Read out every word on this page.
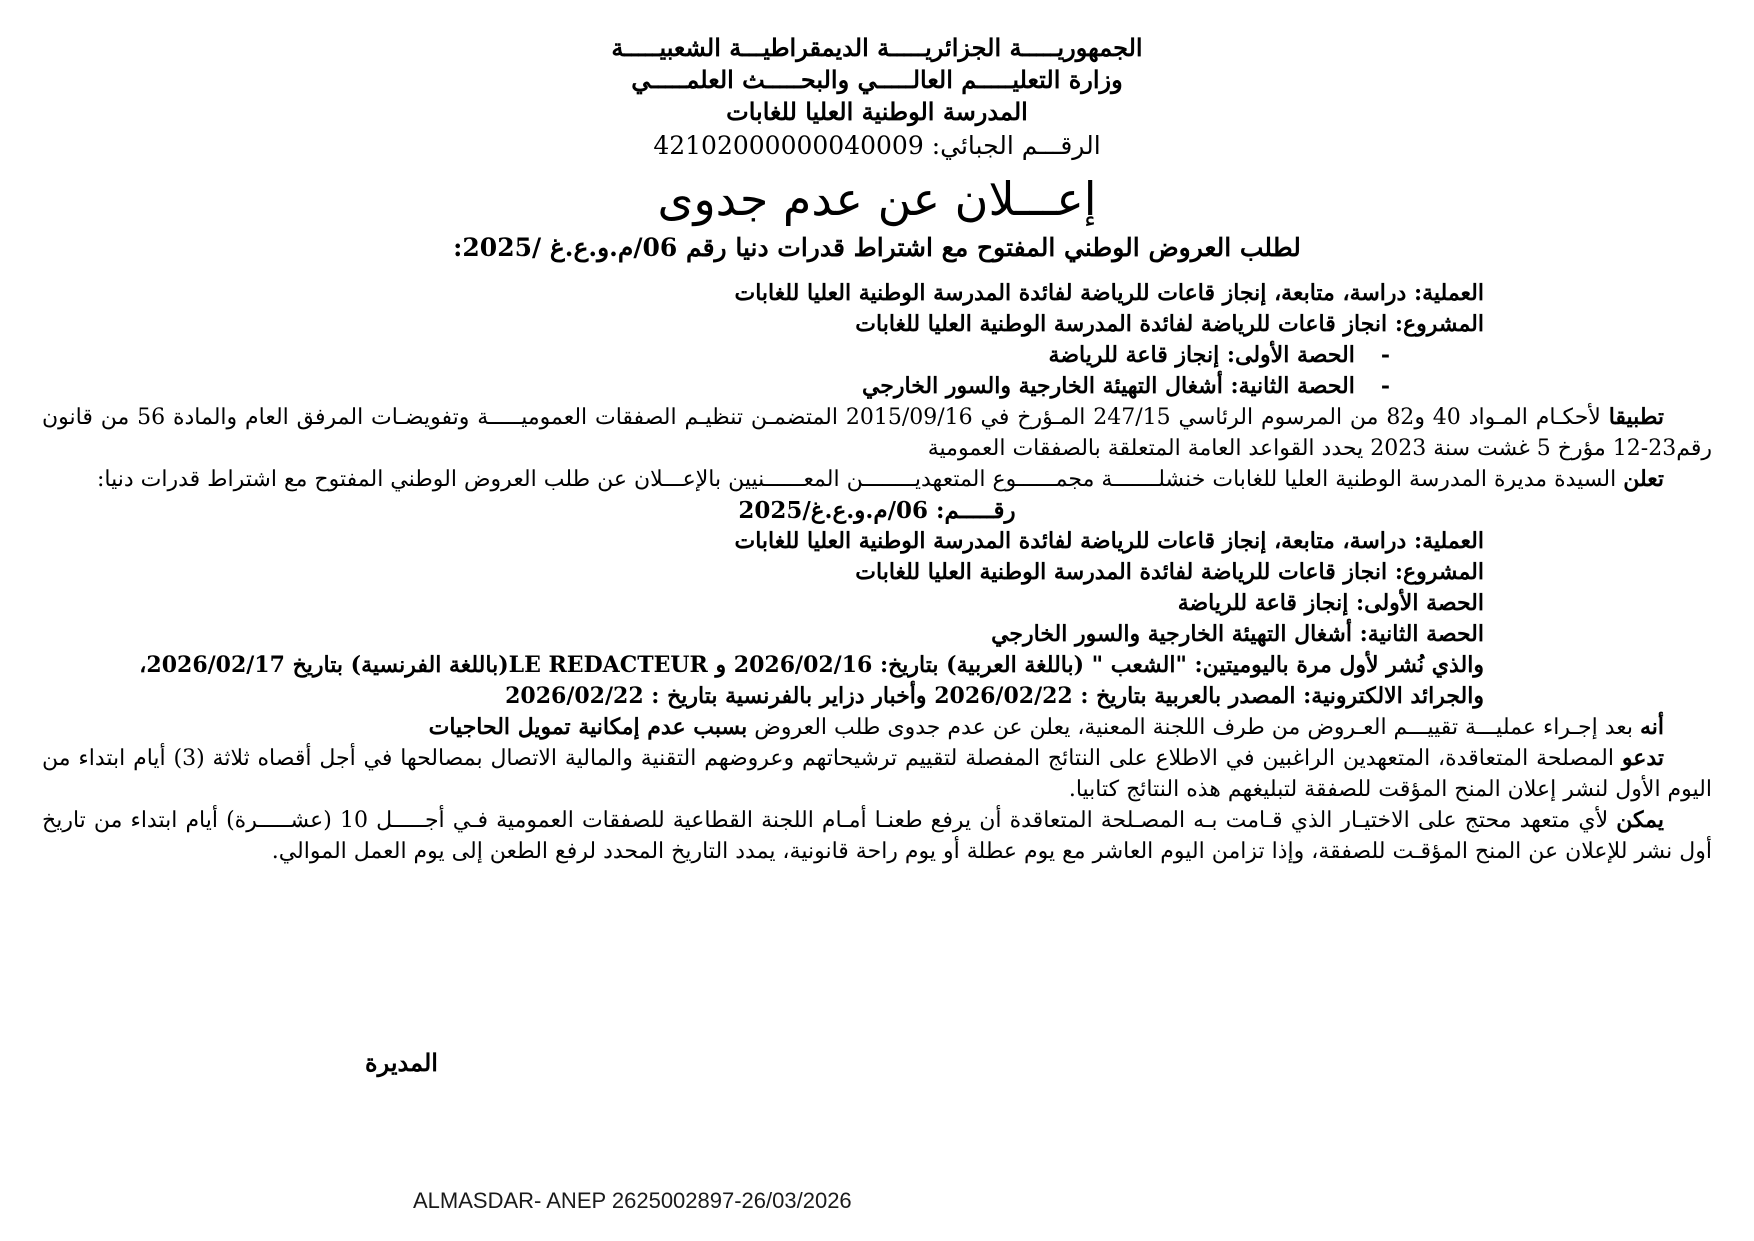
الجمهوريـــــة الجزائريـــــة الديمقراطيـــة الشعبيـــــة
وزارة التعليـــــم العالـــــي والبحـــــث العلمـــــي
المدرسة الوطنية العليا للغابات
الرقـــم الجبائي: 42102000000040009
إعـــلان عن عدم جدوى
لطلب العروض الوطني المفتوح مع اشتراط قدرات دنيا رقم 06/م.و.ع.غ /2025:
العملية: دراسة، متابعة، إنجاز قاعات للرياضة لفائدة المدرسة الوطنية العليا للغابات
المشروع: انجاز قاعات للرياضة لفائدة المدرسة الوطنية العليا للغابات
-الحصة الأولى: إنجاز قاعة للرياضة
-الحصة الثانية: أشغال التهيئة الخارجية والسور الخارجي

تطبيقا لأحكـام المـواد 40 و82 من المرسوم الرئاسي 247/15 المـؤرخ في 2015/09/16 المتضمـن تنظيـم الصفقات العموميـــــة وتفويضـات المرفق العام والمادة 56 من قانون رقم23-12 مؤرخ 5 غشت سنة 2023 يحدد القواعد العامة المتعلقة بالصفقات العمومية

تعلن السيدة مديرة المدرسة الوطنية العليا للغابات خنشلـــــــة مجمــــــوع المتعهديــــــــن المعــــــنيين بالإعـــلان عن طلب العروض الوطني المفتوح مع اشتراط قدرات دنيا:

رقـــــم: 06/م.و.ع.غ/2025
العملية: دراسة، متابعة، إنجاز قاعات للرياضة لفائدة المدرسة الوطنية العليا للغابات
المشروع: انجاز قاعات للرياضة لفائدة المدرسة الوطنية العليا للغابات
الحصة الأولى: إنجاز قاعة للرياضة
الحصة الثانية: أشغال التهيئة الخارجية والسور الخارجي
والذي نُشر لأول مرة باليوميتين: "الشعب " (باللغة العربية) بتاريخ: 2026/02/16 و LE REDACTEUR(باللغة الفرنسية) بتاريخ 2026/02/17،
والجرائد الالكترونية: المصدر بالعربية بتاريخ : 2026/02/22 وأخبار دزاير بالفرنسية بتاريخ : 2026/02/22

أنه بعد إجـراء عمليـــة تقييـــم العـروض من طرف اللجنة المعنية، يعلن عن عدم جدوى طلب العروض بسبب عدم إمكانية تمويل الحاجيات

تدعو المصلحة المتعاقدة، المتعهدين الراغبين في الاطلاع على النتائج المفصلة لتقييم ترشيحاتهم وعروضهم التقنية والمالية الاتصال بمصالحها في أجل أقصاه ثلاثة (3) أيام ابتداء من اليوم الأول لنشر إعلان المنح المؤقت للصفقة لتبليغهم هذه النتائج كتابيا.

يمكن لأي متعهد محتج على الاختيـار الذي قـامت بـه المصـلحة المتعاقدة أن يرفع طعنـا أمـام اللجنة القطاعية للصفقات العمومية فـي أجـــــل 10 (عشـــــرة) أيام ابتداء من تاريخ أول نشر للإعلان عن المنح المؤقـت للصفقة، وإذا تزامن اليوم العاشر مع يوم عطلة أو يوم راحة قانونية، يمدد التاريخ المحدد لرفع الطعن إلى يوم العمل الموالي.

المديرة
ALMASDAR- ANEP 2625002897-26/03/2026
